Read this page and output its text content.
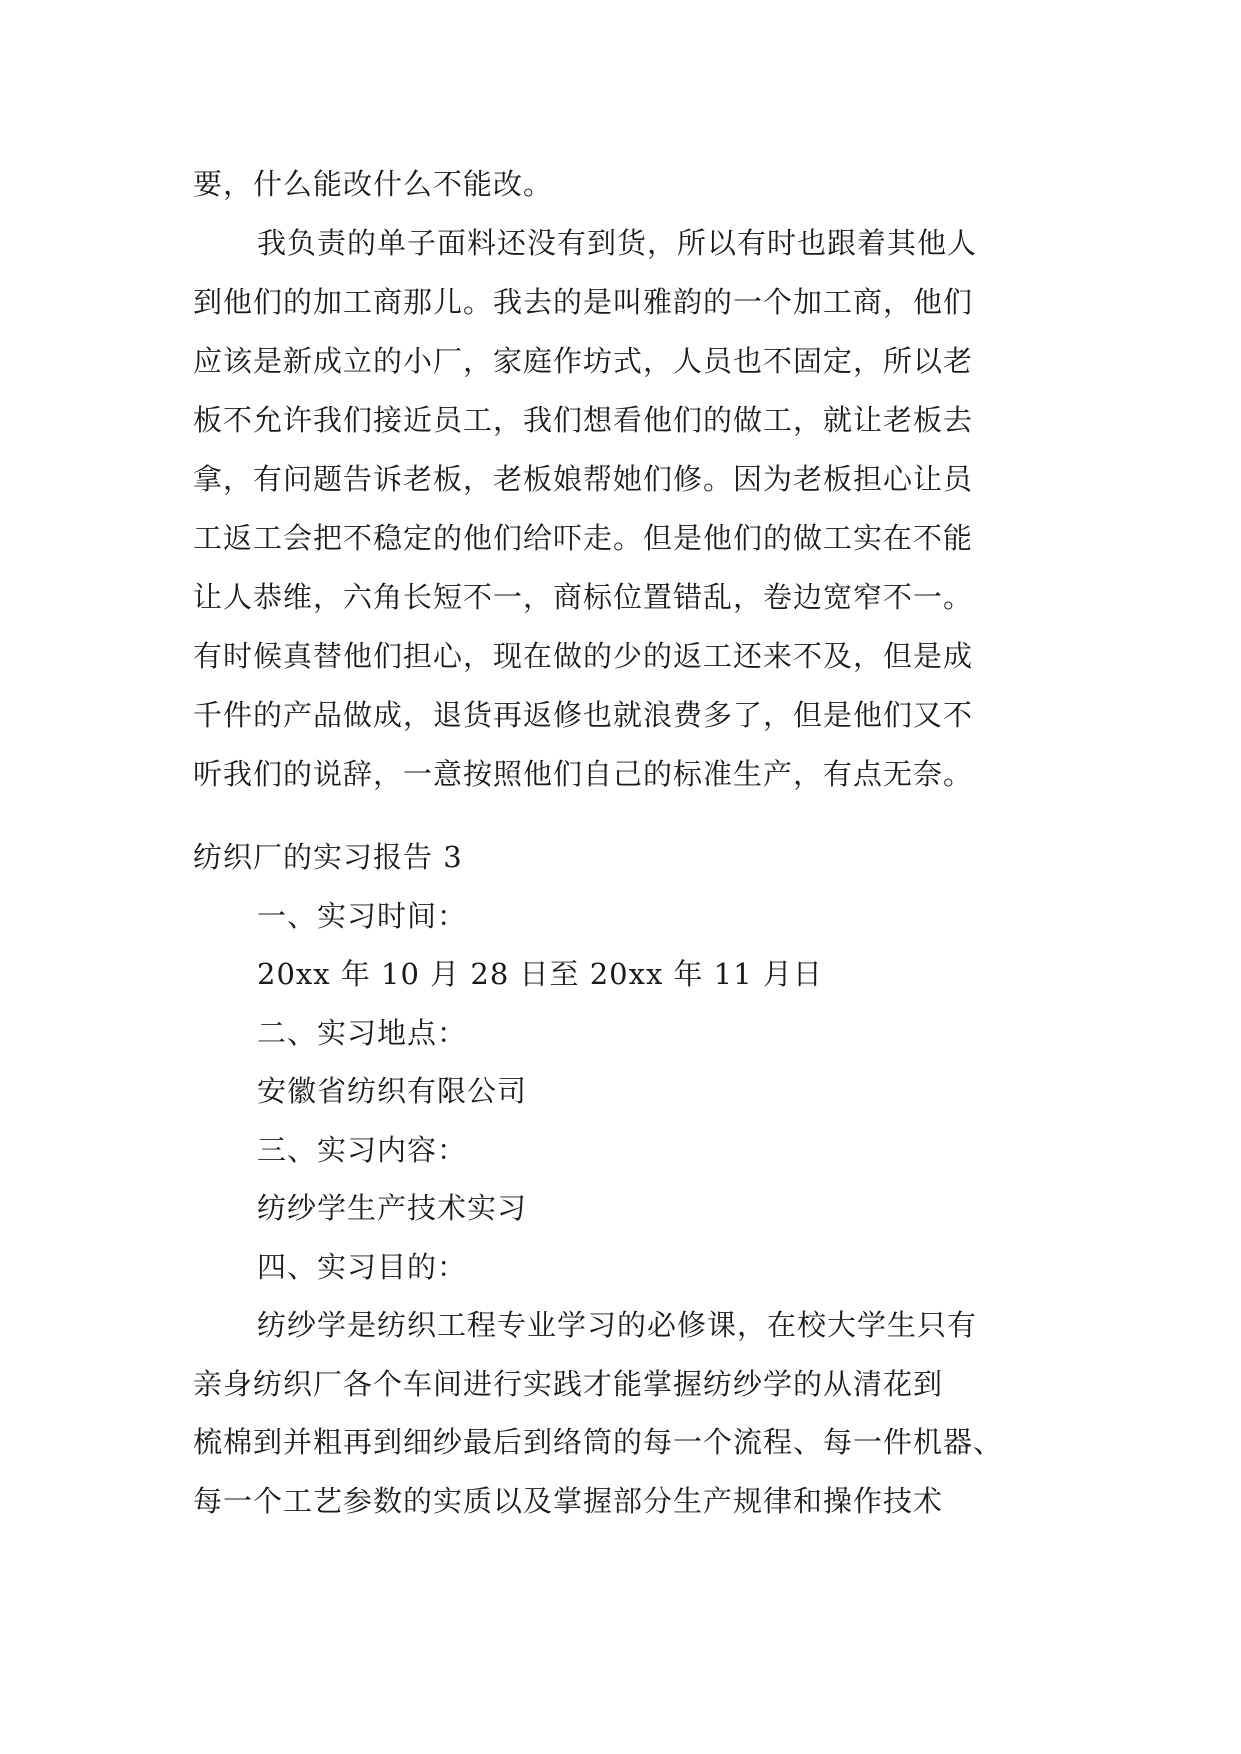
要，什么能改什么不能改。
我负责的单子面料还没有到货，所以有时也跟着其他人
到他们的加工商那儿。我去的是叫雅韵的一个加工商，他们
应该是新成立的小厂，家庭作坊式，人员也不固定，所以老
板不允许我们接近员工，我们想看他们的做工，就让老板去
拿，有问题告诉老板，老板娘帮她们修。因为老板担心让员
工返工会把不稳定的他们给吓走。但是他们的做工实在不能
让人恭维，六角长短不一，商标位置错乱，卷边宽窄不一。
有时候真替他们担心，现在做的少的返工还来不及，但是成
千件的产品做成，退货再返修也就浪费多了，但是他们又不
听我们的说辞，一意按照他们自己的标准生产，有点无奈。
纺织厂的实习报告 3
一、实习时间：
20xx 年 10 月 28 日至 20xx 年 11 月日
二、实习地点：
安徽省纺织有限公司
三、实习内容：
纺纱学生产技术实习
四、实习目的：
纺纱学是纺织工程专业学习的必修课，在校大学生只有
亲身纺织厂各个车间进行实践才能掌握纺纱学的从清花到
梳棉到并粗再到细纱最后到络筒的每一个流程、每一件机器、
每一个工艺参数的实质以及掌握部分生产规律和操作技术
